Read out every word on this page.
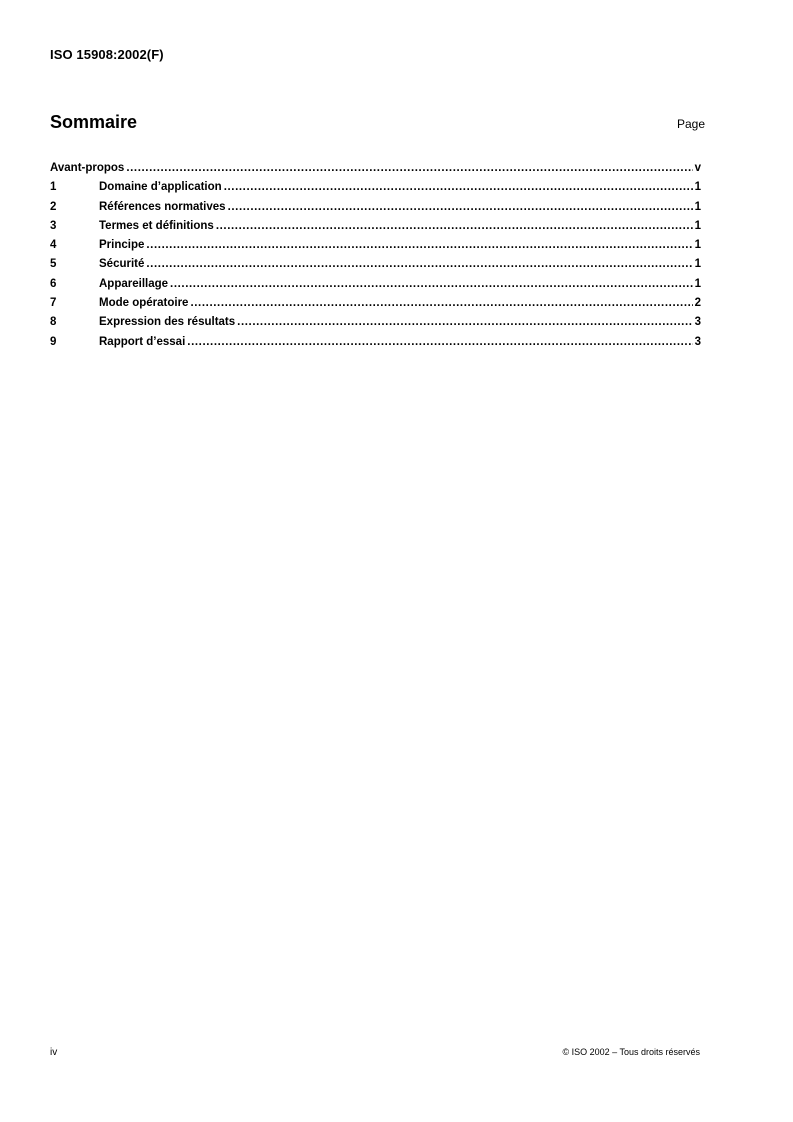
ISO 15908:2002(F)
Sommaire	Page
Avant-propos .....	v
1	Domaine d’application .....	1
2	Références normatives .....	1
3	Termes et définitions .....	1
4	Principe .....	1
5	Sécurité .....	1
6	Appareillage .....	1
7	Mode opératoire .....	2
8	Expression des résultats .....	3
9	Rapport d’essai .....	3
iv	© ISO 2002 – Tous droits réservés
